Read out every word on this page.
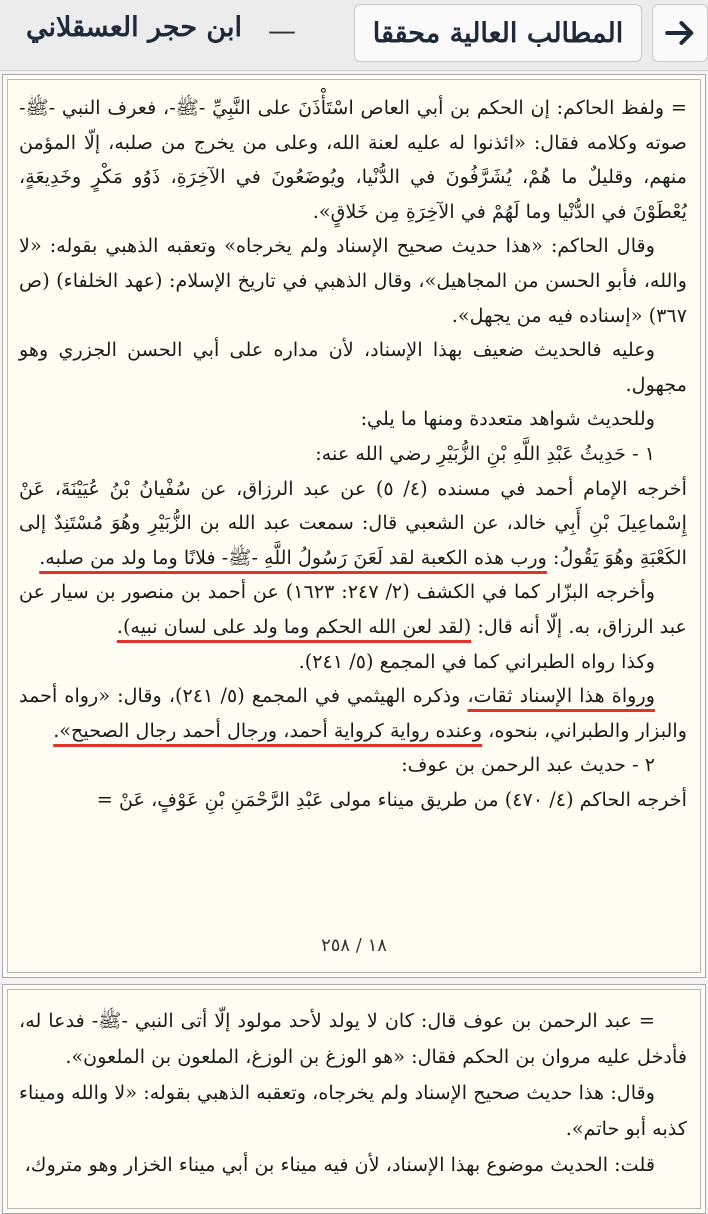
المطالب العالية محققا
—
ابن حجر العسقلاني

= ولفظ الحاكم: إن الحكم بن أبي العاص اسْتَأْذَنَ على النَّبِيِّ -ﷺ-، فعرف النبي -ﷺ- صوته وكلامه فقال: «ائذنوا له عليه لعنة الله، وعلى من يخرج من صلبه، إلّا المؤمن منهم، وقليلٌ ما هُمْ، يُشَرَّفُونَ في الدُّنْيا، ويُوضَعُونَ في الآخِرَةِ، ذَوُو مَكْرٍ وخَدِيعَةٍ، يُعْطَوْنَ في الدُّنْيا وما لَهُمْ في الآخِرَةِ مِن خَلاقٍ».

وقال الحاكم: «هذا حديث صحيح الإسناد ولم يخرجاه» وتعقبه الذهبي بقوله: «لا والله، فأبو الحسن من المجاهيل»، وقال الذهبي في تاريخ الإسلام: (عهد الخلفاء) (ص ٣٦٧) «إسناده فيه من يجهل».

وعليه فالحديث ضعيف بهذا الإسناد، لأن مداره على أبي الحسن الجزري وهو مجهول.

وللحديث شواهد متعددة ومنها ما يلي:

١ - حَدِيثُ عَبْدِ اللَّهِ بْنِ الزُّبَيْرِ رضي الله عنه:

أخرجه الإمام أحمد في مسنده (٤/ ٥) عن عبد الرزاق، عن سُفْيانُ بْنُ عُيَيْنَةَ، عَنْ إِسْماعِيلَ بْنِ أَبِي خالد، عن الشعبي قال: سمعت عبد الله بن الزُّبَيْرِ وهُوَ مُسْتَنِدٌ إلى الكَعْبَةِ وهُوَ يَقُولُ: ورب هذه الكعبة لقد لَعَنَ رَسُولُ اللَّهِ -ﷺ- فلانًا وما ولد من صلبه.

وأخرجه البزّار كما في الكشف (٢/ ٢٤٧: ١٦٢٣) عن أحمد بن منصور بن سيار عن عبد الرزاق، به. إلّا أنه قال: (لقد لعن الله الحكم وما ولد على لسان نبيه).

وكذا رواه الطبراني كما في المجمع (٥/ ٢٤١).

ورواة هذا الإسناد ثقات، وذكره الهيثمي في المجمع (٥/ ٢٤١)، وقال: «رواه أحمد والبزار والطبراني، بنحوه، وعنده رواية كرواية أحمد، ورجال أحمد رجال الصحيح».

٢ - حديث عبد الرحمن بن عوف:

أخرجه الحاكم (٤/ ٤٧٠) من طريق ميناء مولى عَبْدِ الرَّحْمَنِ بْنِ عَوْفٍ، عَنْ =

١٨ / ٢٥٨

= عبد الرحمن بن عوف قال: كان لا يولد لأحد مولود إلّا أتى النبي -ﷺ- فدعا له، فأدخل عليه مروان بن الحكم فقال: «هو الوزغ بن الوزغ، الملعون بن الملعون».

وقال: هذا حديث صحيح الإسناد ولم يخرجاه، وتعقبه الذهبي بقوله: «لا والله وميناء كذبه أبو حاتم».

قلت: الحديث موضوع بهذا الإسناد، لأن فيه ميناء بن أبي ميناء الخزار وهو متروك،
